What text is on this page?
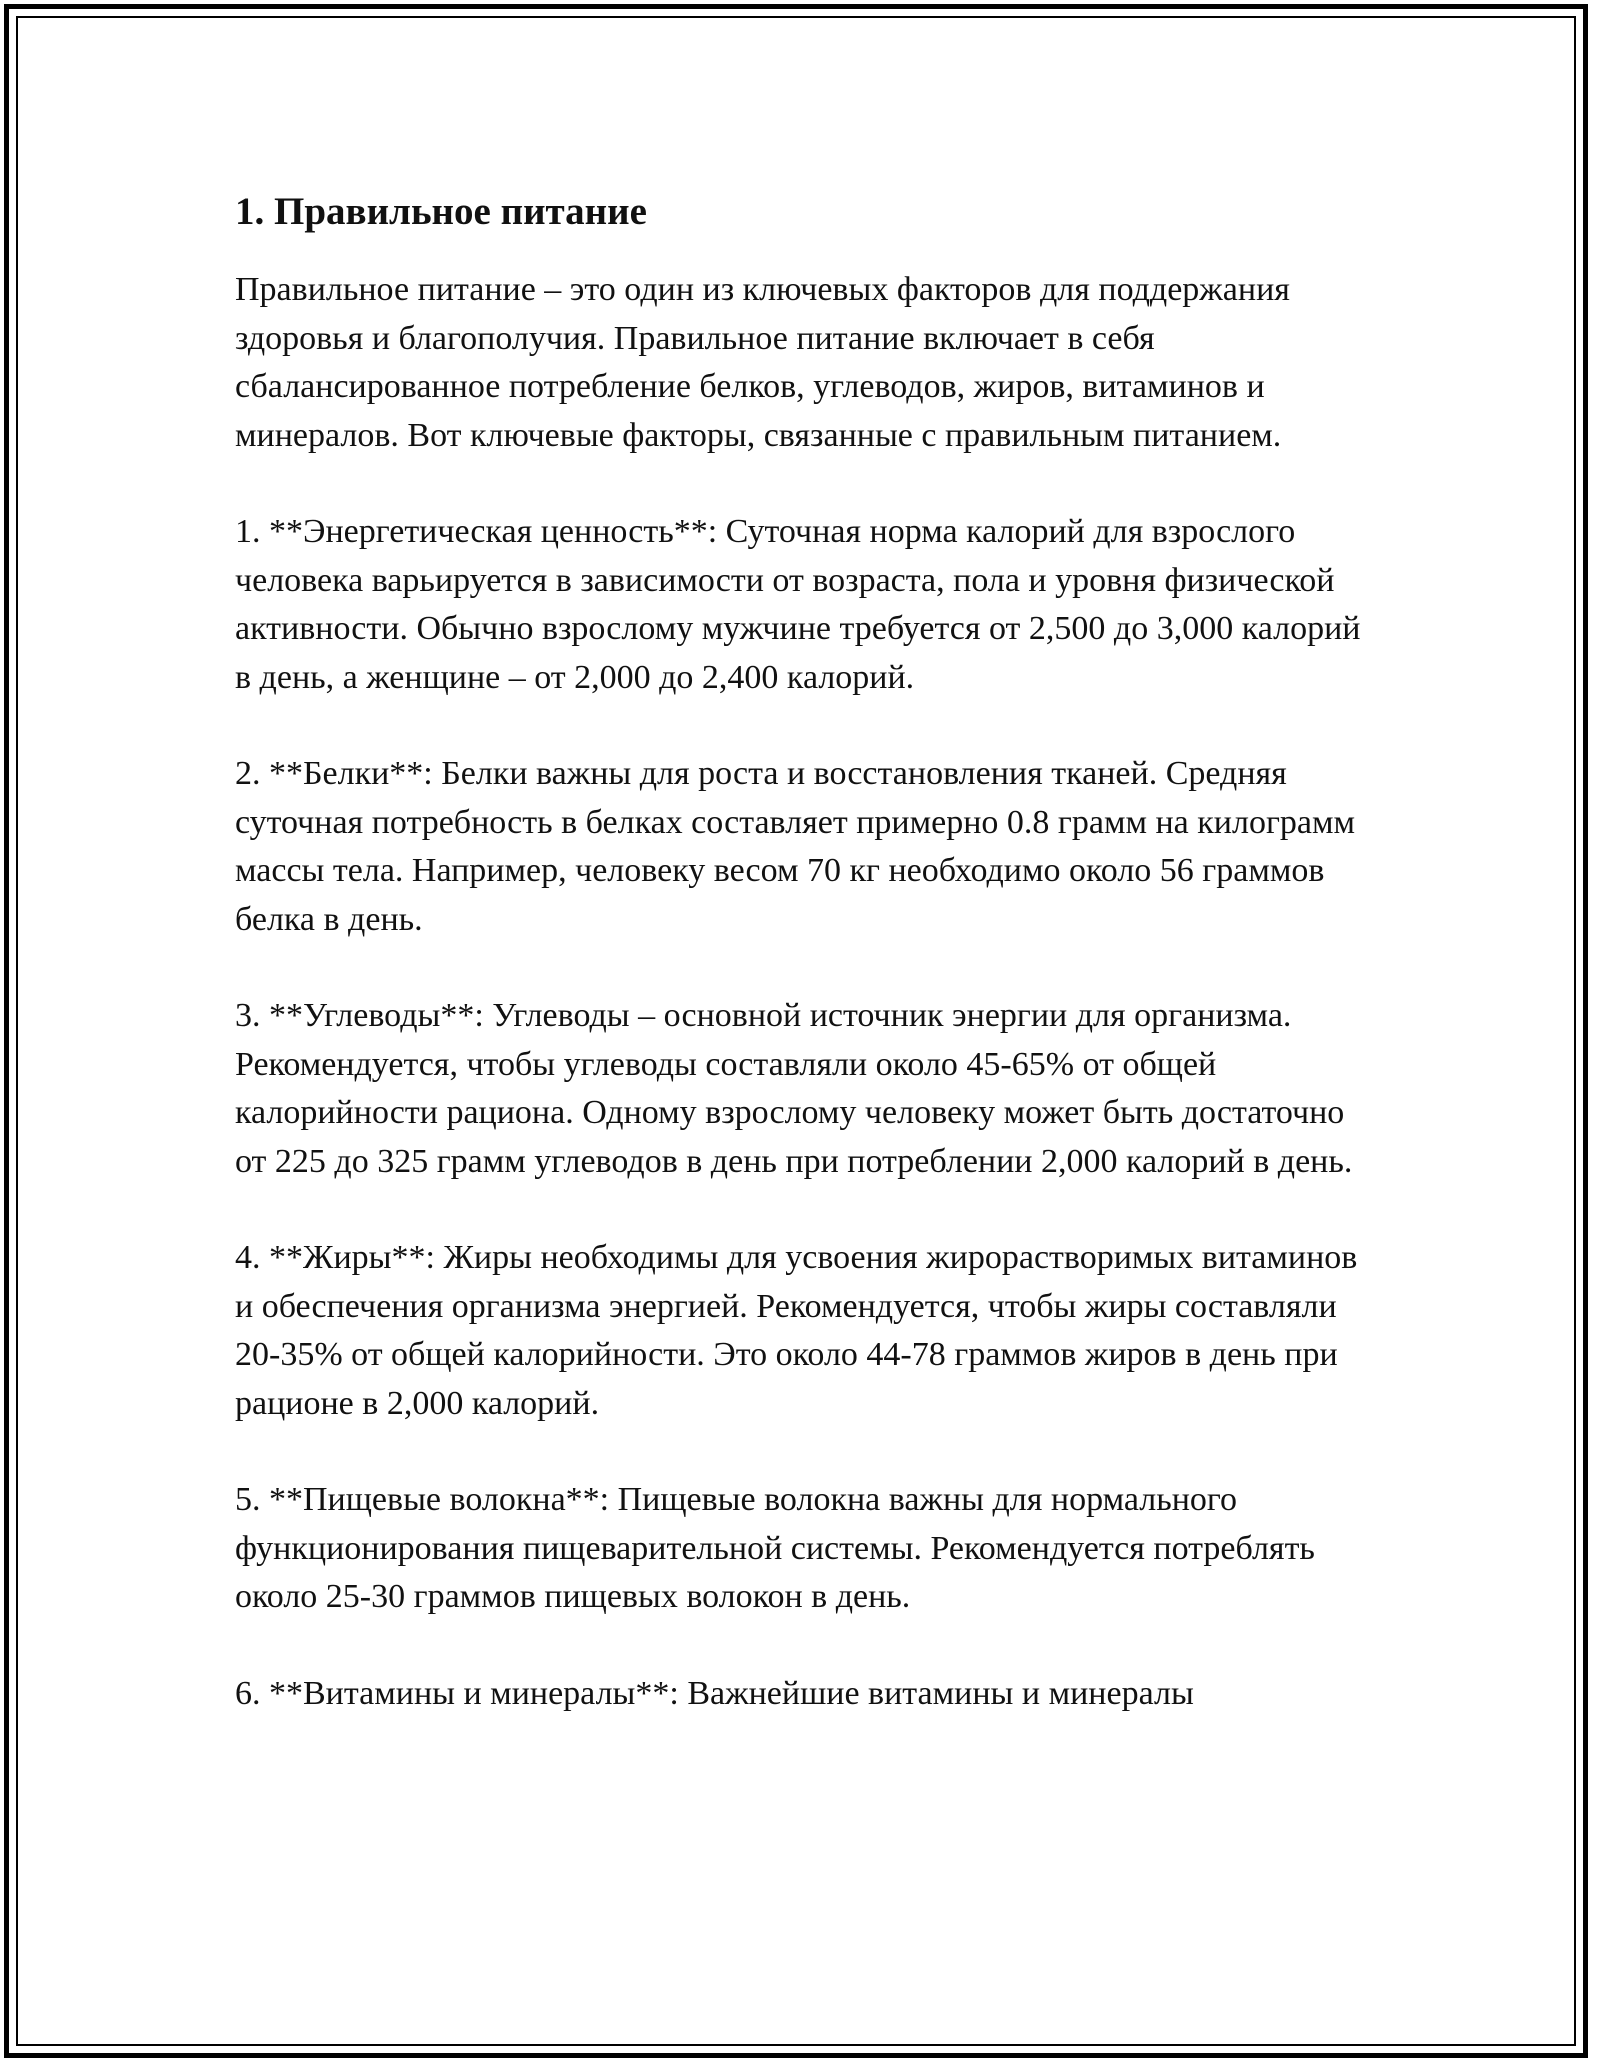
1. Правильное питание

Правильное питание – это один из ключевых факторов для поддержания здоровья и благополучия. Правильное питание включает в себя сбалансированное потребление белков, углеводов, жиров, витаминов и минералов. Вот ключевые факторы, связанные с правильным питанием.

1. **Энергетическая ценность**: Суточная норма калорий для взрослого человека варьируется в зависимости от возраста, пола и уровня физической активности. Обычно взрослому мужчине требуется от 2,500 до 3,000 калорий в день, а женщине – от 2,000 до 2,400 калорий.

2. **Белки**: Белки важны для роста и восстановления тканей. Средняя суточная потребность в белках составляет примерно 0.8 грамм на килограмм массы тела. Например, человеку весом 70 кг необходимо около 56 граммов белка в день.

3. **Углеводы**: Углеводы – основной источник энергии для организма. Рекомендуется, чтобы углеводы составляли около 45-65% от общей калорийности рациона. Одному взрослому человеку может быть достаточно от 225 до 325 грамм углеводов в день при потреблении 2,000 калорий в день.

4. **Жиры**: Жиры необходимы для усвоения жирорастворимых витаминов и обеспечения организма энергией. Рекомендуется, чтобы жиры составляли 20-35% от общей калорийности. Это около 44-78 граммов жиров в день при рационе в 2,000 калорий.

5. **Пищевые волокна**: Пищевые волокна важны для нормального функционирования пищеварительной системы. Рекомендуется потреблять около 25-30 граммов пищевых волокон в день.

6. **Витамины и минералы**: Важнейшие витамины и минералы
